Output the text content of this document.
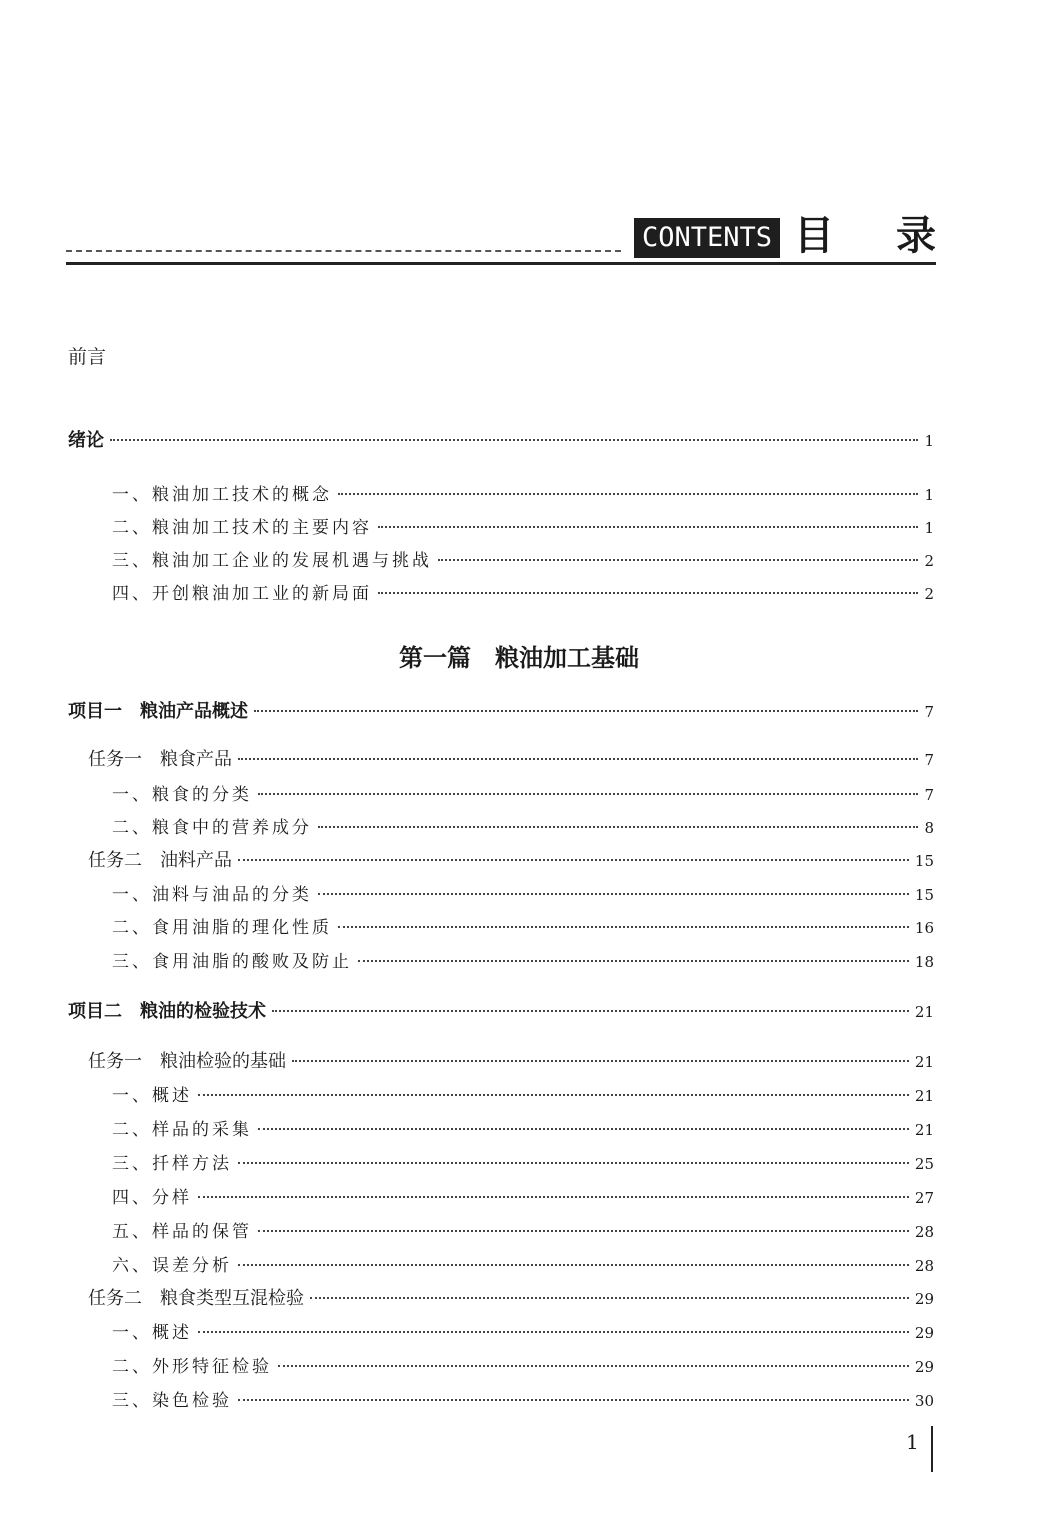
CONTENTS 目 录
前言
第一篇　粮油加工基础
绪论	1
一、粮油加工技术的概念	1
二、粮油加工技术的主要内容	1
三、粮油加工企业的发展机遇与挑战	2
四、开创粮油加工业的新局面	2
项目一　粮油产品概述	7
任务一　粮食产品	7
一、粮食的分类	7
二、粮食中的营养成分	8
任务二　油料产品	15
一、油料与油品的分类	15
二、食用油脂的理化性质	16
三、食用油脂的酸败及防止	18
项目二　粮油的检验技术	21
任务一　粮油检验的基础	21
一、概述	21
二、样品的采集	21
三、扦样方法	25
四、分样	27
五、样品的保管	28
六、误差分析	28
任务二　粮食类型互混检验	29
一、概述	29
二、外形特征检验	29
三、染色检验	30
1
